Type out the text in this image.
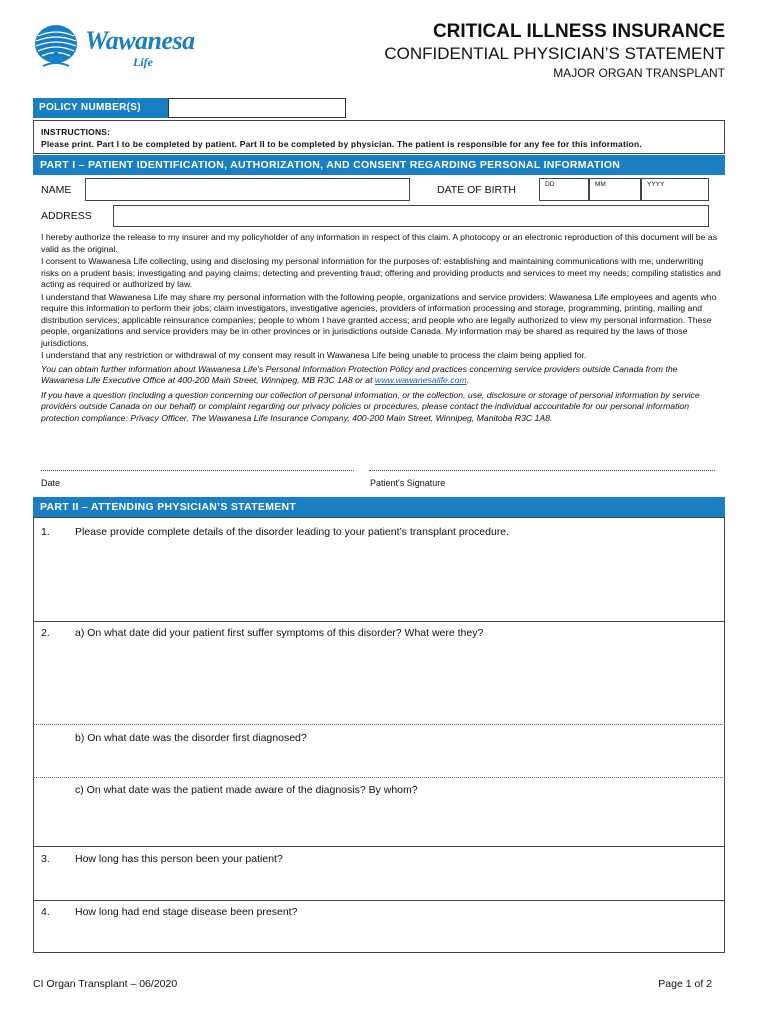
Wawanesa
Life
CRITICAL ILLNESS INSURANCE
CONFIDENTIAL PHYSICIAN’S STATEMENT
MAJOR ORGAN TRANSPLANT
POLICY NUMBER(S)
INSTRUCTIONS:
Please print. Part I to be completed by patient. Part II to be completed by physician. The patient is responsible for any fee for this information.
PART I – PATIENT IDENTIFICATION, AUTHORIZATION, AND CONSENT REGARDING PERSONAL INFORMATION
NAME	DATE OF BIRTH	DD	MM	YYYY
ADDRESS

I hereby authorize the release to my insurer and my policyholder of any information in respect of this claim. A photocopy or an electronic reproduction of this document will be as valid as the original.

I consent to Wawanesa Life collecting, using and disclosing my personal information for the purposes of: establishing and maintaining communications with me; underwriting risks on a prudent basis; investigating and paying claims; detecting and preventing fraud; offering and providing products and services to meet my needs; compiling statistics and acting as required or authorized by law.

I understand that Wawanesa Life may share my personal information with the following people, organizations and service providers: Wawanesa Life employees and agents who require this information to perform their jobs; claim investigators, investigative agencies, providers of information processing and storage, programming, printing, mailing and distribution services; applicable reinsurance companies; people to whom I have granted access; and people who are legally authorized to view my personal information. These people, organizations and service providers may be in other provinces or in jurisdictions outside Canada. My information may be shared as required by the laws of those jurisdictions.

I understand that any restriction or withdrawal of my consent may result in Wawanesa Life being unable to process the claim being applied for.

You can obtain further information about Wawanesa Life's Personal Information Protection Policy and practices concerning service providers outside Canada from the Wawanesa Life Executive Office at 400-200 Main Street, Winnipeg, MB R3C 1A8 or at www.wawanesalife.com.

If you have a question (including a question concerning our collection of personal information, or the collection, use, disclosure or storage of personal information by service providers outside Canada on our behalf) or complaint regarding our privacy policies or procedures, please contact the individual accountable for our personal information protection compliance: Privacy Officer, The Wawanesa Life Insurance Company, 400-200 Main Street, Winnipeg, Manitoba R3C 1A8.

Date	Patient's Signature
PART II – ATTENDING PHYSICIAN’S STATEMENT
1. Please provide complete details of the disorder leading to your patient’s transplant procedure.
2. a) On what date did your patient first suffer symptoms of this disorder? What were they?
b) On what date was the disorder first diagnosed?
c) On what date was the patient made aware of the diagnosis? By whom?
3. How long has this person been your patient?
4. How long had end stage disease been present?
CI Organ Transplant – 06/2020	Page 1 of 2
